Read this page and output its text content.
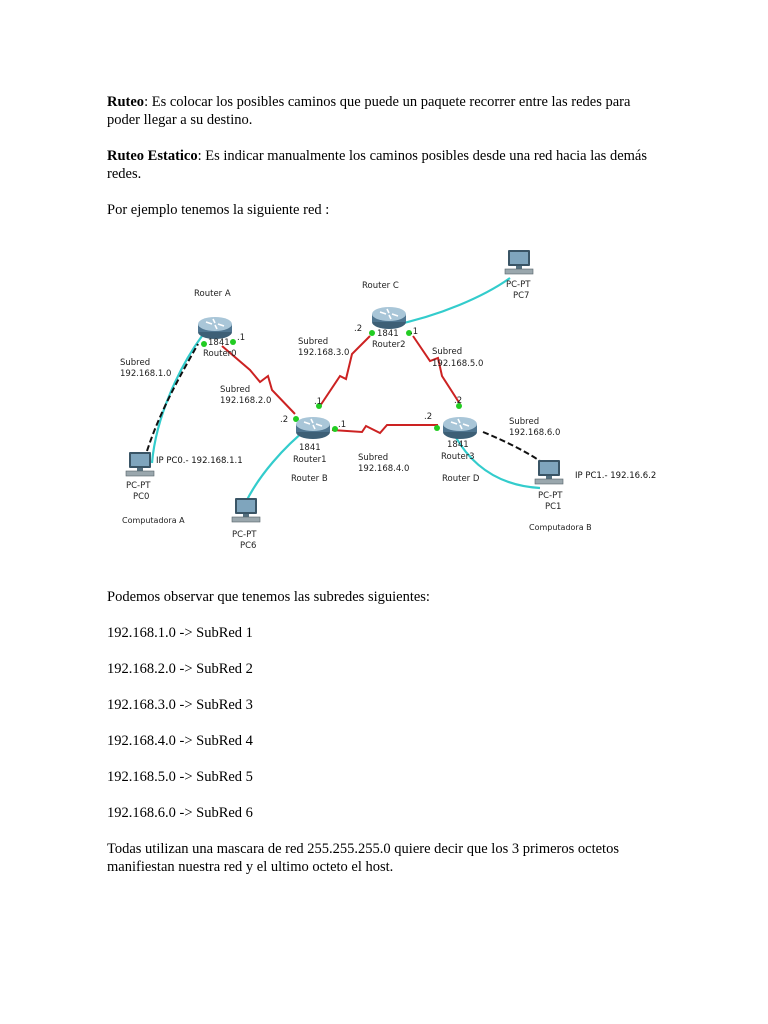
Ruteo: Es colocar los posibles caminos que puede un paquete recorrer entre las redes para poder llegar a su destino.

Ruteo Estatico: Es indicar manualmente los caminos posibles desde una red hacia las demás redes.

Por ejemplo tenemos la siguiente red :

Router A
1841
Router0
1841
Router1
Router B
Router C
1841
Router2
1841
Router3
Router D
PC-PT
PC0
Computadora A
IP PC0.- 192.168.1.1
PC-PT
PC6
PC-PT
PC7
PC-PT
PC1
Computadora B
IP PC1.- 192.16.6.2
Subred
192.168.1.0
Subred
192.168.2.0
Subred
192.168.3.0
Subred
192.168.4.0
Subred
192.168.5.0
Subred
192.168.6.0
.1
.2
.1
.1
.2	.1
.2
.2

Podemos observar que tenemos las subredes siguientes:

192.168.1.0 -> SubRed 1

192.168.2.0 -> SubRed 2

192.168.3.0 -> SubRed 3

192.168.4.0 -> SubRed 4

192.168.5.0 -> SubRed 5

192.168.6.0 -> SubRed 6

Todas utilizan una mascara de red 255.255.255.0 quiere decir que los 3 primeros octetos manifiestan nuestra red y el ultimo octeto el host.
